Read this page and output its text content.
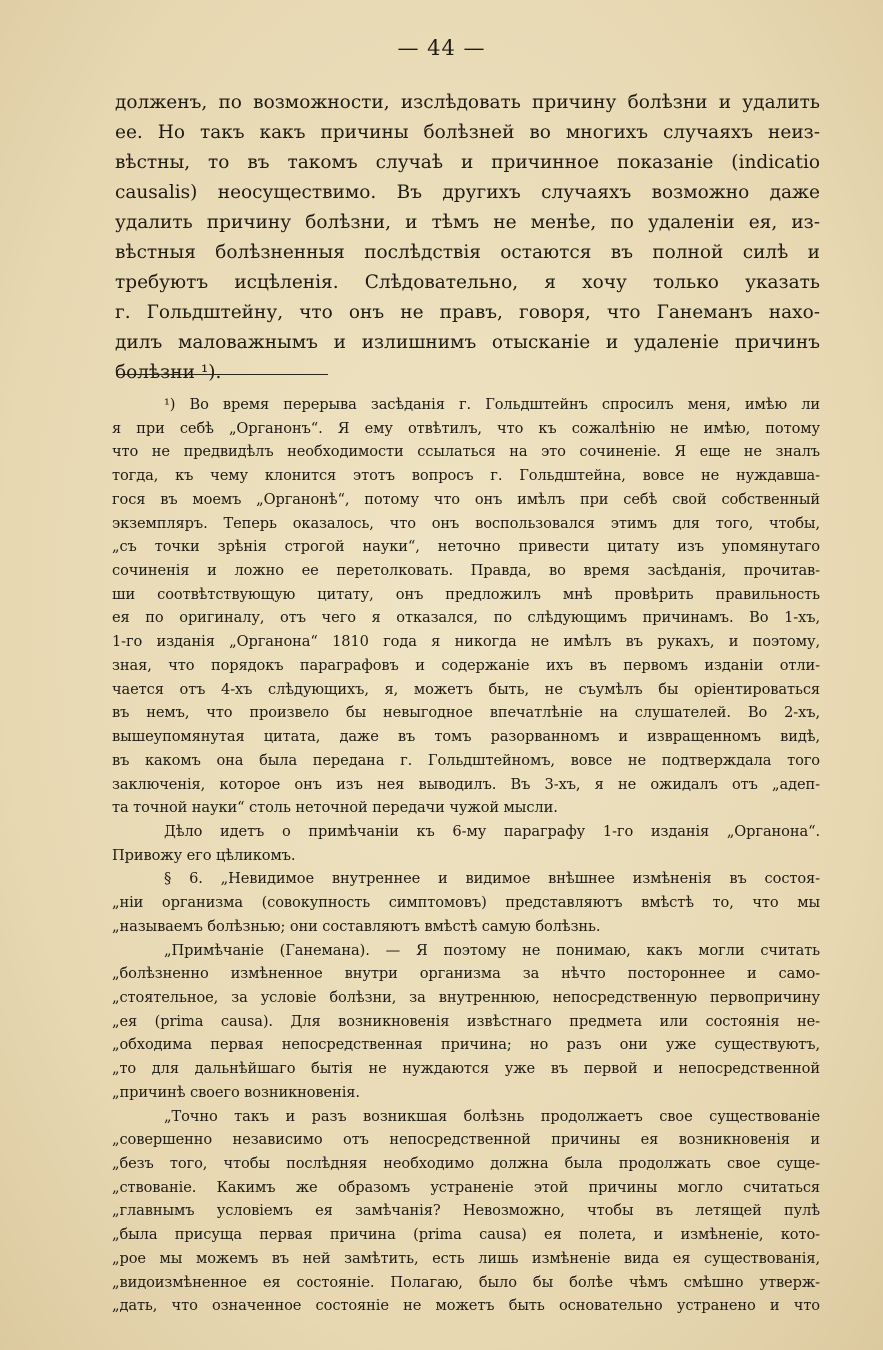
— 44 —
долженъ, по возможности, изслѣдовать причину болѣзни и удалить
ее. Но такъ какъ причины болѣзней во многихъ случаяхъ неиз-
вѣстны, то въ такомъ случаѣ и причинное показаніе (indicatio
causalis) неосуществимо. Въ другихъ случаяхъ возможно даже
удалить причину болѣзни, и тѣмъ не менѣе, по удаленіи ея, из-
вѣстныя болѣзненныя послѣдствія остаются въ полной силѣ и
требуютъ исцѣленія. Слѣдовательно, я хочу только указать
г. Гольдштейну, что онъ не правъ, говоря, что Ганеманъ нахо-
дилъ маловажнымъ и излишнимъ отысканіе и удаленіе причинъ
болѣзни ¹).
¹) Во время перерыва засѣданія г. Гольдштейнъ спросилъ меня, имѣю ли
я при себѣ „Органонъ“. Я ему отвѣтилъ, что къ сожалѣнію не имѣю, потому
что не предвидѣлъ необходимости ссылаться на это сочиненіе. Я еще не зналъ
тогда, къ чему клонится этотъ вопросъ г. Гольдштейна, вовсе не нуждавша-
гося въ моемъ „Органонѣ“, потому что онъ имѣлъ при себѣ свой собственный
экземпляръ. Теперь оказалось, что онъ воспользовался этимъ для того, чтобы,
„съ точки зрѣнія строгой науки“, неточно привести цитату изъ упомянутаго
сочиненія и ложно ее перетолковать. Правда, во время засѣданія, прочитав-
ши соотвѣтствующую цитату, онъ предложилъ мнѣ провѣрить правильность
ея по оригиналу, отъ чего я отказался, по слѣдующимъ причинамъ. Во 1-хъ,
1-го изданія „Органона“ 1810 года я никогда не имѣлъ въ рукахъ, и поэтому,
зная, что порядокъ параграфовъ и содержаніе ихъ въ первомъ изданіи отли-
чается отъ 4-хъ слѣдующихъ, я, можетъ быть, не съумѣлъ бы оріентироваться
въ немъ, что произвело бы невыгодное впечатлѣніе на слушателей. Во 2-хъ,
вышеупомянутая цитата, даже въ томъ разорванномъ и извращенномъ видѣ,
въ какомъ она была передана г. Гольдштейномъ, вовсе не подтверждала того
заключенія, которое онъ изъ нея выводилъ. Въ 3-хъ, я не ожидалъ отъ „адеп-
та точной науки“ столь неточной передачи чужой мысли.
Дѣло идетъ о примѣчаніи къ 6-му параграфу 1-го изданія „Органона“.
Привожу его цѣликомъ.
§ 6. „Невидимое внутреннее и видимое внѣшнее измѣненія въ состоя-
„ніи организма (совокупность симптомовъ) представляютъ вмѣстѣ то, что мы
„называемъ болѣзнью; они составляютъ вмѣстѣ самую болѣзнь.
„Примѣчаніе (Ганемана). — Я поэтому не понимаю, какъ могли считать
„болѣзненно измѣненное внутри организма за нѣчто постороннее и само-
„стоятельное, за условіе болѣзни, за внутреннюю, непосредственную первопричину
„ея (prima causa). Для возникновенія извѣстнаго предмета или состоянія не-
„обходима первая непосредственная причина; но разъ они уже существуютъ,
„то для дальнѣйшаго бытія не нуждаются уже въ первой и непосредственной
„причинѣ своего возникновенія.
„Точно такъ и разъ возникшая болѣзнь продолжаетъ свое существованіе
„совершенно независимо отъ непосредственной причины ея возникновенія и
„безъ того, чтобы послѣдняя необходимо должна была продолжать свое суще-
„ствованіе. Какимъ же образомъ устраненіе этой причины могло считаться
„главнымъ условіемъ ея замѣчанія? Невозможно, чтобы въ летящей пулѣ
„была присуща первая причина (prima causa) ея полета, и измѣненіе, кото-
„рое мы можемъ въ ней замѣтить, есть лишь измѣненіе вида ея существованія,
„видоизмѣненное ея состояніе. Полагаю, было бы болѣе чѣмъ смѣшно утверж-
„дать, что означенное состояніе не можетъ быть основательно устранено и что
